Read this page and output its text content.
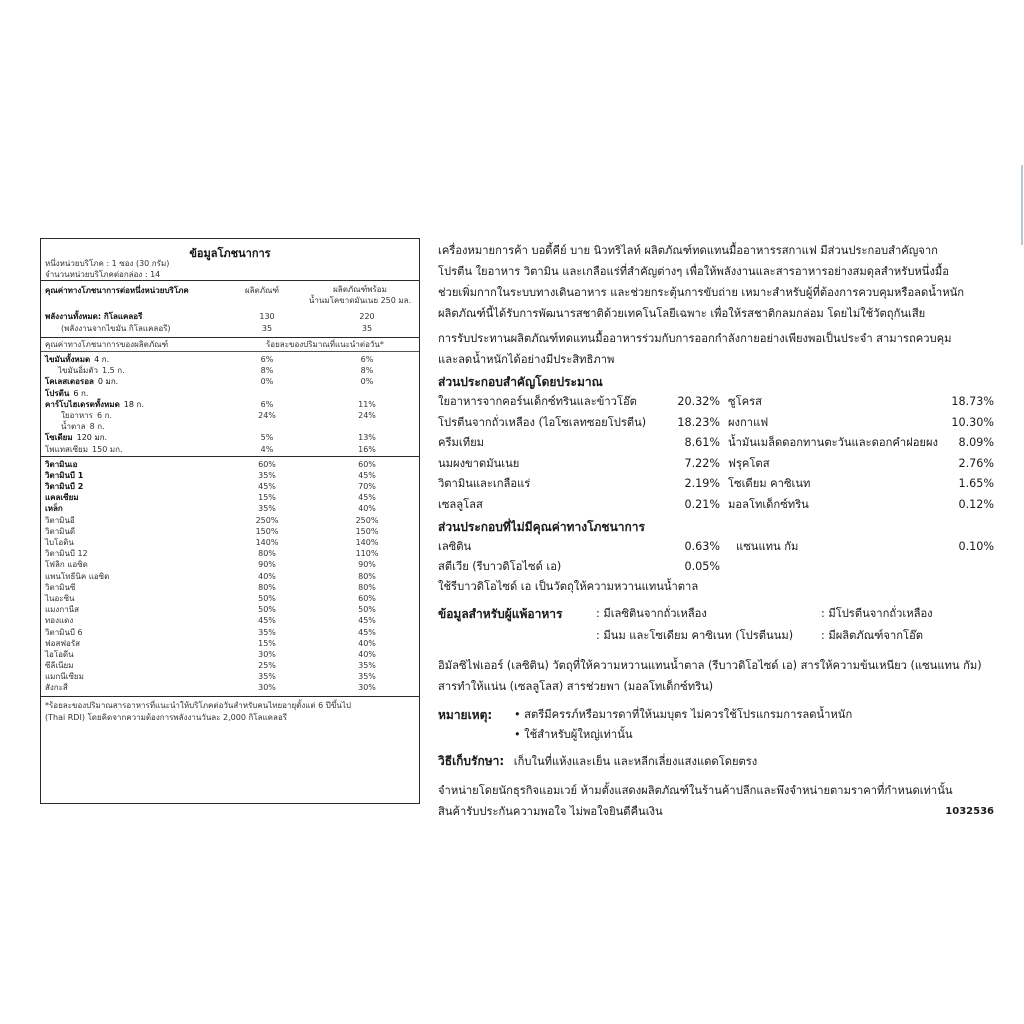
ข้อมูลโภชนาการ
หนึ่งหน่วยบริโภค : 1 ซอง (30 กรัม)
จำนวนหน่วยบริโภคต่อกล่อง : 14
คุณค่าทางโภชนาการต่อหนึ่งหน่วยบริโภค	ผลิตภัณฑ์	ผลิตภัณฑ์พร้อม
น้ำนมโคขาดมันเนย 250 มล.
พลังงานทั้งหมด: กิโลแคลอรี	130	220
(พลังงานจากไขมัน กิโลแคลอรี)	35	35
คุณค่าทางโภชนาการของผลิตภัณฑ์	ร้อยละของปริมาณที่แนะนำต่อวัน*
ไขมันทั้งหมด 4 ก.	6%	6%
ไขมันอิ่มตัว 1.5 ก.	8%	8%
โคเลสเตอรอล 0 มก.	0%	0%
โปรตีน 6 ก.
คาร์โบไฮเดรตทั้งหมด 18 ก.	6%	11%
ใยอาหาร 6 ก.	24%	24%
น้ำตาล 8 ก.
โซเดียม 120 มก.	5%	13%
โพแทสเซียม 150 มก.	4%	16%
วิตามินเอ	60%	60%
วิตามินบี 1	35%	45%
วิตามินบี 2	45%	70%
แคลเซียม	15%	45%
เหล็ก	35%	40%
วิตามินอี	250%	250%
วิตามินดี	150%	150%
ไบโอติน	140%	140%
วิตามินบี 12	80%	110%
โฟลิก แอซิด	90%	90%
แพนโทธีนิค แอซิด	40%	80%
วิตามินซี	80%	80%
ไนอะซิน	50%	60%
แมงกานีส	50%	50%
ทองแดง	45%	45%
วิตามินบี 6	35%	45%
ฟอสฟอรัส	15%	40%
ไอโอดีน	30%	40%
ซีลีเนียม	25%	35%
แมกนีเซียม	35%	35%
สังกะสี	30%	30%
*ร้อยละของปริมาณสารอาหารที่แนะนำให้บริโภคต่อวันสำหรับคนไทยอายุตั้งแต่ 6 ปีขึ้นไป
(Thai RDI) โดยคิดจากความต้องการพลังงานวันละ 2,000 กิโลแคลอรี

เครื่องหมายการค้า บอดี้คีย์ บาย นิวทริไลท์ ผลิตภัณฑ์ทดแทนมื้ออาหารรสกาแฟ มีส่วนประกอบสำคัญจาก

โปรตีน ใยอาหาร วิตามิน และเกลือแร่ที่สำคัญต่างๆ เพื่อให้พลังงานและสารอาหารอย่างสมดุลสำหรับหนึ่งมื้อ

ช่วยเพิ่มกากในระบบทางเดินอาหาร และช่วยกระตุ้นการขับถ่าย เหมาะสำหรับผู้ที่ต้องการควบคุมหรือลดน้ำหนัก

ผลิตภัณฑ์นี้ได้รับการพัฒนารสชาติด้วยเทคโนโลยีเฉพาะ เพื่อให้รสชาติกลมกล่อม โดยไม่ใช้วัตถุกันเสีย

การรับประทานผลิตภัณฑ์ทดแทนมื้ออาหารร่วมกับการออกกำลังกายอย่างเพียงพอเป็นประจำ สามารถควบคุม

และลดน้ำหนักได้อย่างมีประสิทธิภาพ

ส่วนประกอบสำคัญโดยประมาณ
ใยอาหารจากคอร์นเด็กซ์ทรินและข้าวโอ๊ต	20.32% ซูโครส	18.73%
โปรตีนจากถั่วเหลือง (ไอโซเลทซอยโปรตีน)	18.23% ผงกาแฟ	10.30%
ครีมเทียม	8.61% น้ำมันเมล็ดดอกทานตะวันและดอกคำฝอยผง 8.09%
นมผงขาดมันเนย	7.22% ฟรุคโตส	2.76%
วิตามินและเกลือแร่	2.19% โซเดียม คาซิเนท	1.65%
เซลลูโลส	0.21% มอลโทเด็กซ์ทริน	0.12%
ส่วนประกอบที่ไม่มีคุณค่าทางโภชนาการ
เลซิติน	0.63% แซนแทน กัม	0.10%
สตีเวีย (รีบาวดิโอไซด์ เอ)	0.05%

ใช้รีบาวดิโอไซด์ เอ เป็นวัตถุให้ความหวานแทนน้ำตาล

ข้อมูลสำหรับผู้แพ้อาหาร	: มีเลซิตินจากถั่วเหลือง	: มีโปรตีนจากถั่วเหลือง
: มีนม และโซเดียม คาซิเนท (โปรตีนนม) : มีผลิตภัณฑ์จากโอ๊ต

อิมัลซิไฟเออร์ (เลซิติน) วัตถุที่ให้ความหวานแทนน้ำตาล (รีบาวดิโอไซด์ เอ) สารให้ความข้นเหนียว (แซนแทน กัม)

สารทำให้แน่น (เซลลูโลส) สารช่วยพา (มอลโทเด็กซ์ทริน)

หมายเหตุ: • สตรีมีครรภ์หรือมารดาที่ให้นมบุตร ไม่ควรใช้โปรแกรมการลดน้ำหนัก
• ใช้สำหรับผู้ใหญ่เท่านั้น
วิธีเก็บรักษา: เก็บในที่แห้งและเย็น และหลีกเลี่ยงแสงแดดโดยตรง
จำหน่ายโดยนักธุรกิจแอมเวย์ ห้ามตั้งแสดงผลิตภัณฑ์ในร้านค้าปลีกและพึงจำหน่ายตามราคาที่กำหนดเท่านั้น
สินค้ารับประกันความพอใจ ไม่พอใจยินดีคืนเงิน	1032536
